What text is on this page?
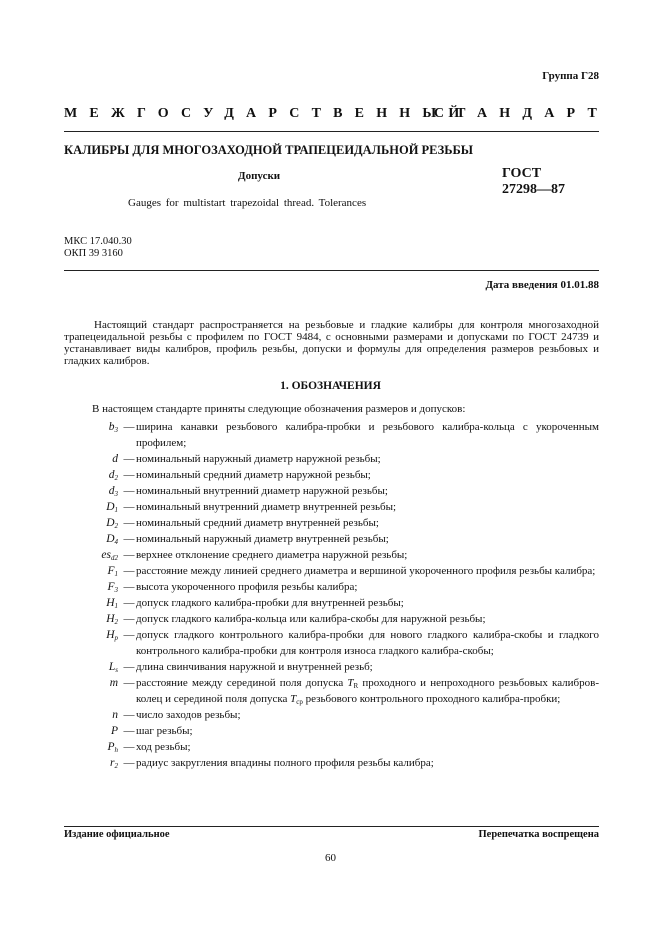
Группа Г28
МЕЖГОСУДАРСТВЕННЫЙ
СТАНДАРТ
КАЛИБРЫ ДЛЯ МНОГОЗАХОДНОЙ ТРАПЕЦЕИДАЛЬНОЙ РЕЗЬБЫ
ГОСТ
27298—87
Допуски
Gauges for multistart trapezoidal thread. Tolerances
МКС 17.040.30
ОКП 39 3160
Дата введения 01.01.88
Настоящий стандарт распространяется на резьбовые и гладкие калибры для контроля многозаходной трапецеидальной резьбы с профилем по ГОСТ 9484, с основными размерами и допусками по ГОСТ 24739 и устанавливает виды калибров, профиль резьбы, допуски и формулы для определения размеров резьбовых и гладких калибров.
1. ОБОЗНАЧЕНИЯ
В настоящем стандарте приняты следующие обозначения размеров и допусков:
$b_3$ — ширина канавки резьбового калибра-пробки и резьбового калибра-кольца с укороченным профилем;
d — номинальный наружный диаметр наружной резьбы;
$d_2$ — номинальный средний диаметр наружной резьбы;
$d_3$ — номинальный внутренний диаметр наружной резьбы;
$D_1$ — номинальный внутренний диаметр внутренней резьбы;
$D_2$ — номинальный средний диаметр внутренней резьбы;
$D_4$ — номинальный наружный диаметр внутренней резьбы;
$es_{d2}$ — верхнее отклонение среднего диаметра наружной резьбы;
$F_1$ — расстояние между линией среднего диаметра и вершиной укороченного профиля резьбы калибра;
$F_3$ — высота укороченного профиля резьбы калибра;
$H_1$ — допуск гладкого калибра-пробки для внутренней резьбы;
$H_2$ — допуск гладкого калибра-кольца или калибра-скобы для наружной резьбы;
$H_p$ — допуск гладкого контрольного калибра-пробки для нового гладкого калибра-скобы и гладкого контрольного калибра-пробки для контроля износа гладкого калибра-скобы;
$L_s$ — длина свинчивания наружной и внутренней резьб;
m — расстояние между серединой поля допуска $T_R$ проходного и непроходного резьбовых калибров-колец и серединой поля допуска $T_{cp}$ резьбового контрольного проходного калибра-пробки;
n — число заходов резьбы;
P — шаг резьбы;
$P_h$ — ход резьбы;
$r_2$ — радиус закругления впадины полного профиля резьбы калибра;
Издание официальное	Перепечатка воспрещена
60
